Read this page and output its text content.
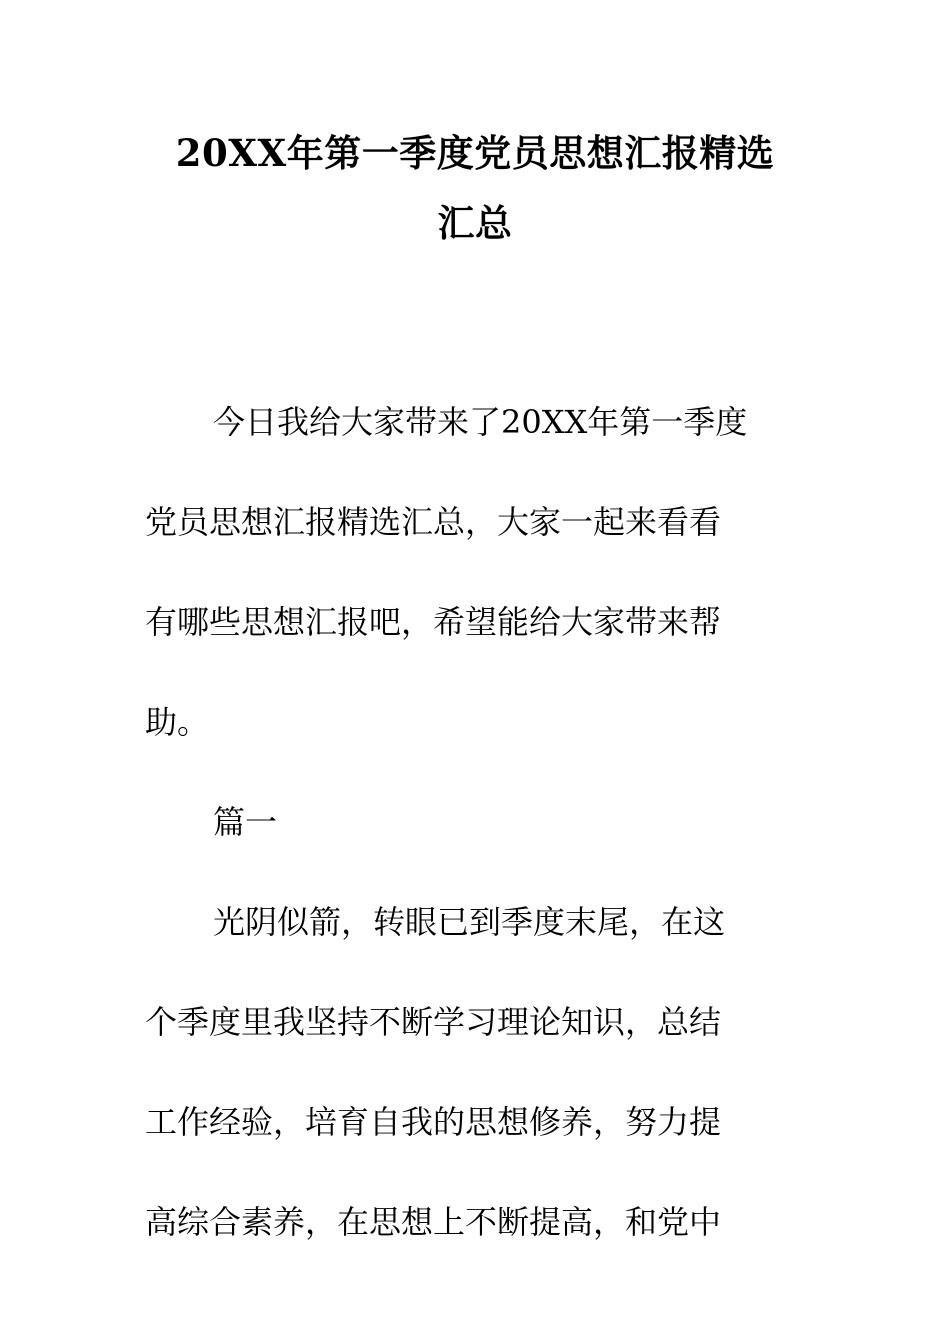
20XX年第一季度党员思想汇报精选
汇总
今日我给大家带来了20XX年第一季度
党员思想汇报精选汇总，大家一起来看看
有哪些思想汇报吧，希望能给大家带来帮
助。
篇一
光阴似箭，转眼已到季度末尾，在这
个季度里我坚持不断学习理论知识，总结
工作经验，培育自我的思想修养，努力提
高综合素养，在思想上不断提高，和党中
